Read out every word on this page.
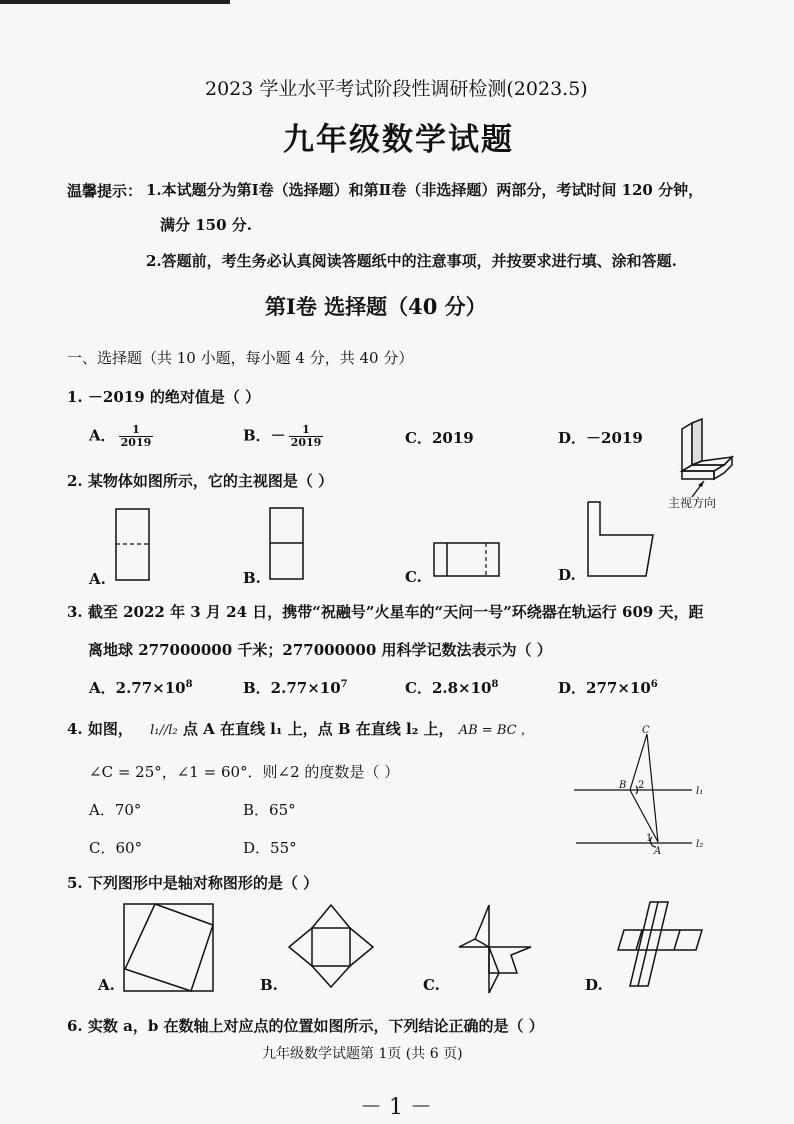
2023 学业水平考试阶段性调研检测(2023.5)
九年级数学试题
温馨提示： 1.本试题分为第Ⅰ卷（选择题）和第Ⅱ卷（非选择题）两部分，考试时间 120 分钟，
满分 150 分.
2.答题前，考生务必认真阅读答题纸中的注意事项，并按要求进行填、涂和答题.
第Ⅰ卷 选择题（40 分）
一、选择题（共 10 小题，每小题 4 分，共 40 分）
1. －2019 的绝对值是（ ）
A． $\frac{1}{2019}$	B．－ $\frac{1}{2019}$	C．2019	D．－2019
2. 某物体如图所示，它的主视图是（ ）
主视方向
A.	B.	C.	D.
3. 截至 2022 年 3 月 24 日，携带“祝融号”火星车的“天问一号”环绕器在轨运行 609 天，距
离地球 277000000 千米；277000000 用科学记数法表示为（ ）
A．$2.77\times 10^8$	B．$2.77\times 10^7$	C．$2.8\times 10^8$	D．$277\times 10^6$
4. 如图， l₁//l₂ 点 A 在直线 l₁ 上，点 B 在直线 l₂ 上， AB = BC ，
∠C = 25°，∠1 = 60°．则∠2 的度数是（ ）
A．70°	B．65°
C．60°	D．55°
C
B 2
1
A
l₁
l₂
5. 下列图形中是轴对称图形的是（ ）
A.	B.	C.	D.
6. 实数 a，b 在数轴上对应点的位置如图所示，下列结论正确的是（ ）
九年级数学试题第 1页 (共 6 页)
－ 1 －
